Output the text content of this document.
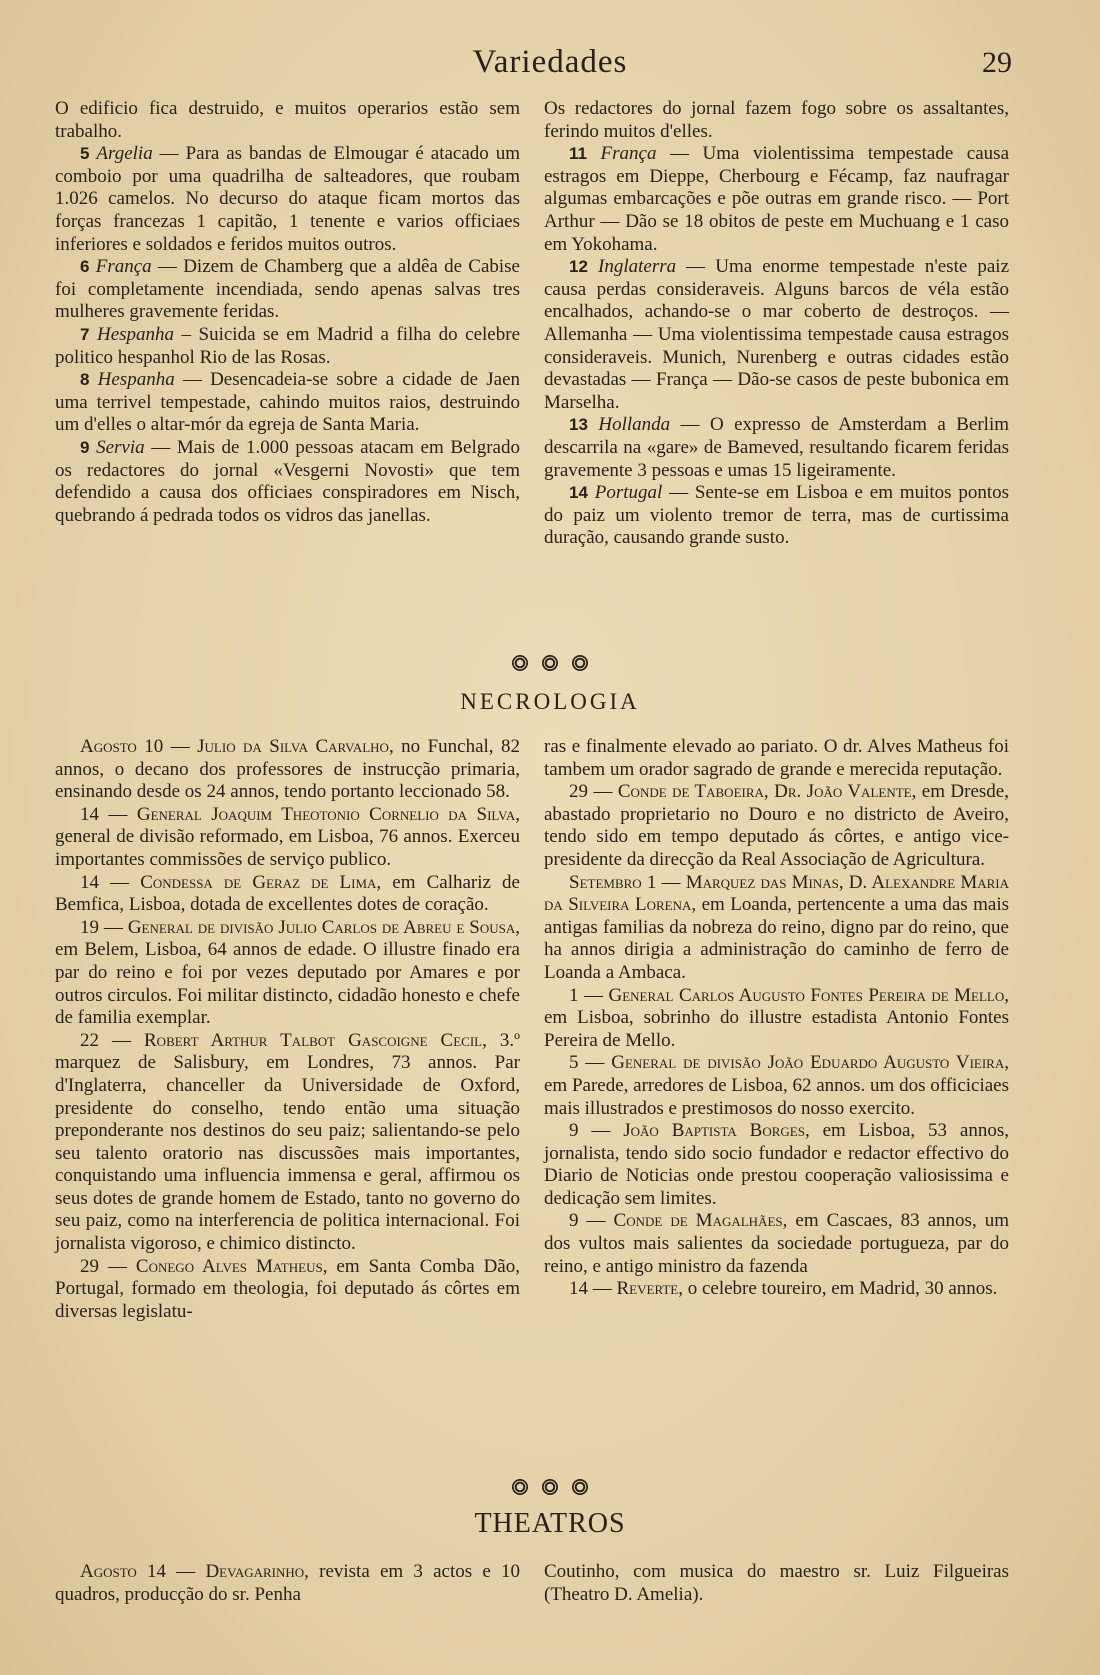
Variedades	29

O edificio fica destruido, e muitos operarios estão sem trabalho.

5 Argelia — Para as bandas de Elmougar é atacado um comboio por uma quadrilha de salteadores, que roubam 1.026 camelos. No decurso do ataque ficam mortos das forças francezas 1 capitão, 1 tenente e varios officiaes inferiores e soldados e feridos muitos outros.

6 França — Dizem de Chamberg que a aldêa de Cabise foi completamente incendiada, sendo apenas salvas tres mulheres gravemente feridas.

7 Hespanha – Suicida se em Madrid a filha do celebre politico hespanhol Rio de las Rosas.

8 Hespanha — Desencadeia-se sobre a cidade de Jaen uma terrivel tempestade, cahindo muitos raios, destruindo um d'elles o altar-mór da egreja de Santa Maria.

9 Servia — Mais de 1.000 pessoas atacam em Belgrado os redactores do jornal «Vesgerni Novosti» que tem defendido a causa dos officiaes conspiradores em Nisch, quebrando á pedrada todos os vidros das janellas.

Os redactores do jornal fazem fogo sobre os assaltantes, ferindo muitos d'elles.

11 França — Uma violentissima tempestade causa estragos em Dieppe, Cherbourg e Fécamp, faz naufragar algumas embarcações e põe outras em grande risco. — Port Arthur — Dão se 18 obitos de peste em Muchuang e 1 caso em Yokohama.

12 Inglaterra — Uma enorme tempestade n'este paiz causa perdas consideraveis. Alguns barcos de véla estão encalhados, achando-se o mar coberto de destroços. — Allemanha — Uma violentissima tempestade causa estragos consideraveis. Munich, Nurenberg e outras cidades estão devastadas — França — Dão-se casos de peste bubonica em Marselha.

13 Hollanda — O expresso de Amsterdam a Berlim descarrila na «gare» de Bameved, resultando ficarem feridas gravemente 3 pessoas e umas 15 ligeiramente.

14 Portugal — Sente-se em Lisboa e em muitos pontos do paiz um violento tremor de terra, mas de curtissima duração, causando grande susto.

NECROLOGIA

Agosto 10 — Julio da Silva Carvalho, no Funchal, 82 annos, o decano dos professores de instrucção primaria, ensinando desde os 24 annos, tendo portanto leccionado 58.

14 — General Joaquim Theotonio Cornelio da Silva, general de divisão reformado, em Lisboa, 76 annos. Exerceu importantes commissões de serviço publico.

14 — Condessa de Geraz de Lima, em Calhariz de Bemfica, Lisboa, dotada de excellentes dotes de coração.

19 — General de divisão Julio Carlos de Abreu e Sousa, em Belem, Lisboa, 64 annos de edade. O illustre finado era par do reino e foi por vezes deputado por Amares e por outros circulos. Foi militar distincto, cidadão honesto e chefe de familia exemplar.

22 — Robert Arthur Talbot Gascoigne Cecil, 3.º marquez de Salisbury, em Londres, 73 annos. Par d'Inglaterra, chanceller da Universidade de Oxford, presidente do conselho, tendo então uma situação preponderante nos destinos do seu paiz; salientando-se pelo seu talento oratorio nas discussões mais importantes, conquistando uma influencia immensa e geral, affirmou os seus dotes de grande homem de Estado, tanto no governo do seu paiz, como na interferencia de politica internacional. Foi jornalista vigoroso, e chimico distincto.

29 — Conego Alves Matheus, em Santa Comba Dão, Portugal, formado em theologia, foi deputado ás côrtes em diversas legislatu-

ras e finalmente elevado ao pariato. O dr. Alves Matheus foi tambem um orador sagrado de grande e merecida reputação.

29 — Conde de Taboeira, Dr. João Valente, em Dresde, abastado proprietario no Douro e no districto de Aveiro, tendo sido em tempo deputado ás côrtes, e antigo vice-presidente da direcção da Real Associação de Agricultura.

Setembro 1 — Marquez das Minas, D. Alexandre Maria da Silveira Lorena, em Loanda, pertencente a uma das mais antigas familias da nobreza do reino, digno par do reino, que ha annos dirigia a administração do caminho de ferro de Loanda a Ambaca.

1 — General Carlos Augusto Fontes Pereira de Mello, em Lisboa, sobrinho do illustre estadista Antonio Fontes Pereira de Mello.

5 — General de divisão João Eduardo Augusto Vieira, em Parede, arredores de Lisboa, 62 annos. um dos officiciaes mais illustrados e prestimosos do nosso exercito.

9 — João Baptista Borges, em Lisboa, 53 annos, jornalista, tendo sido socio fundador e redactor effectivo do Diario de Noticias onde prestou cooperação valiosissima e dedicação sem limites.

9 — Conde de Magalhães, em Cascaes, 83 annos, um dos vultos mais salientes da sociedade portugueza, par do reino, e antigo ministro da fazenda

14 — Reverte, o celebre toureiro, em Madrid, 30 annos.

THEATROS

Agosto 14 — Devagarinho, revista em 3 actos e 10 quadros, producção do sr. Penha

Coutinho, com musica do maestro sr. Luiz Filgueiras (Theatro D. Amelia).
